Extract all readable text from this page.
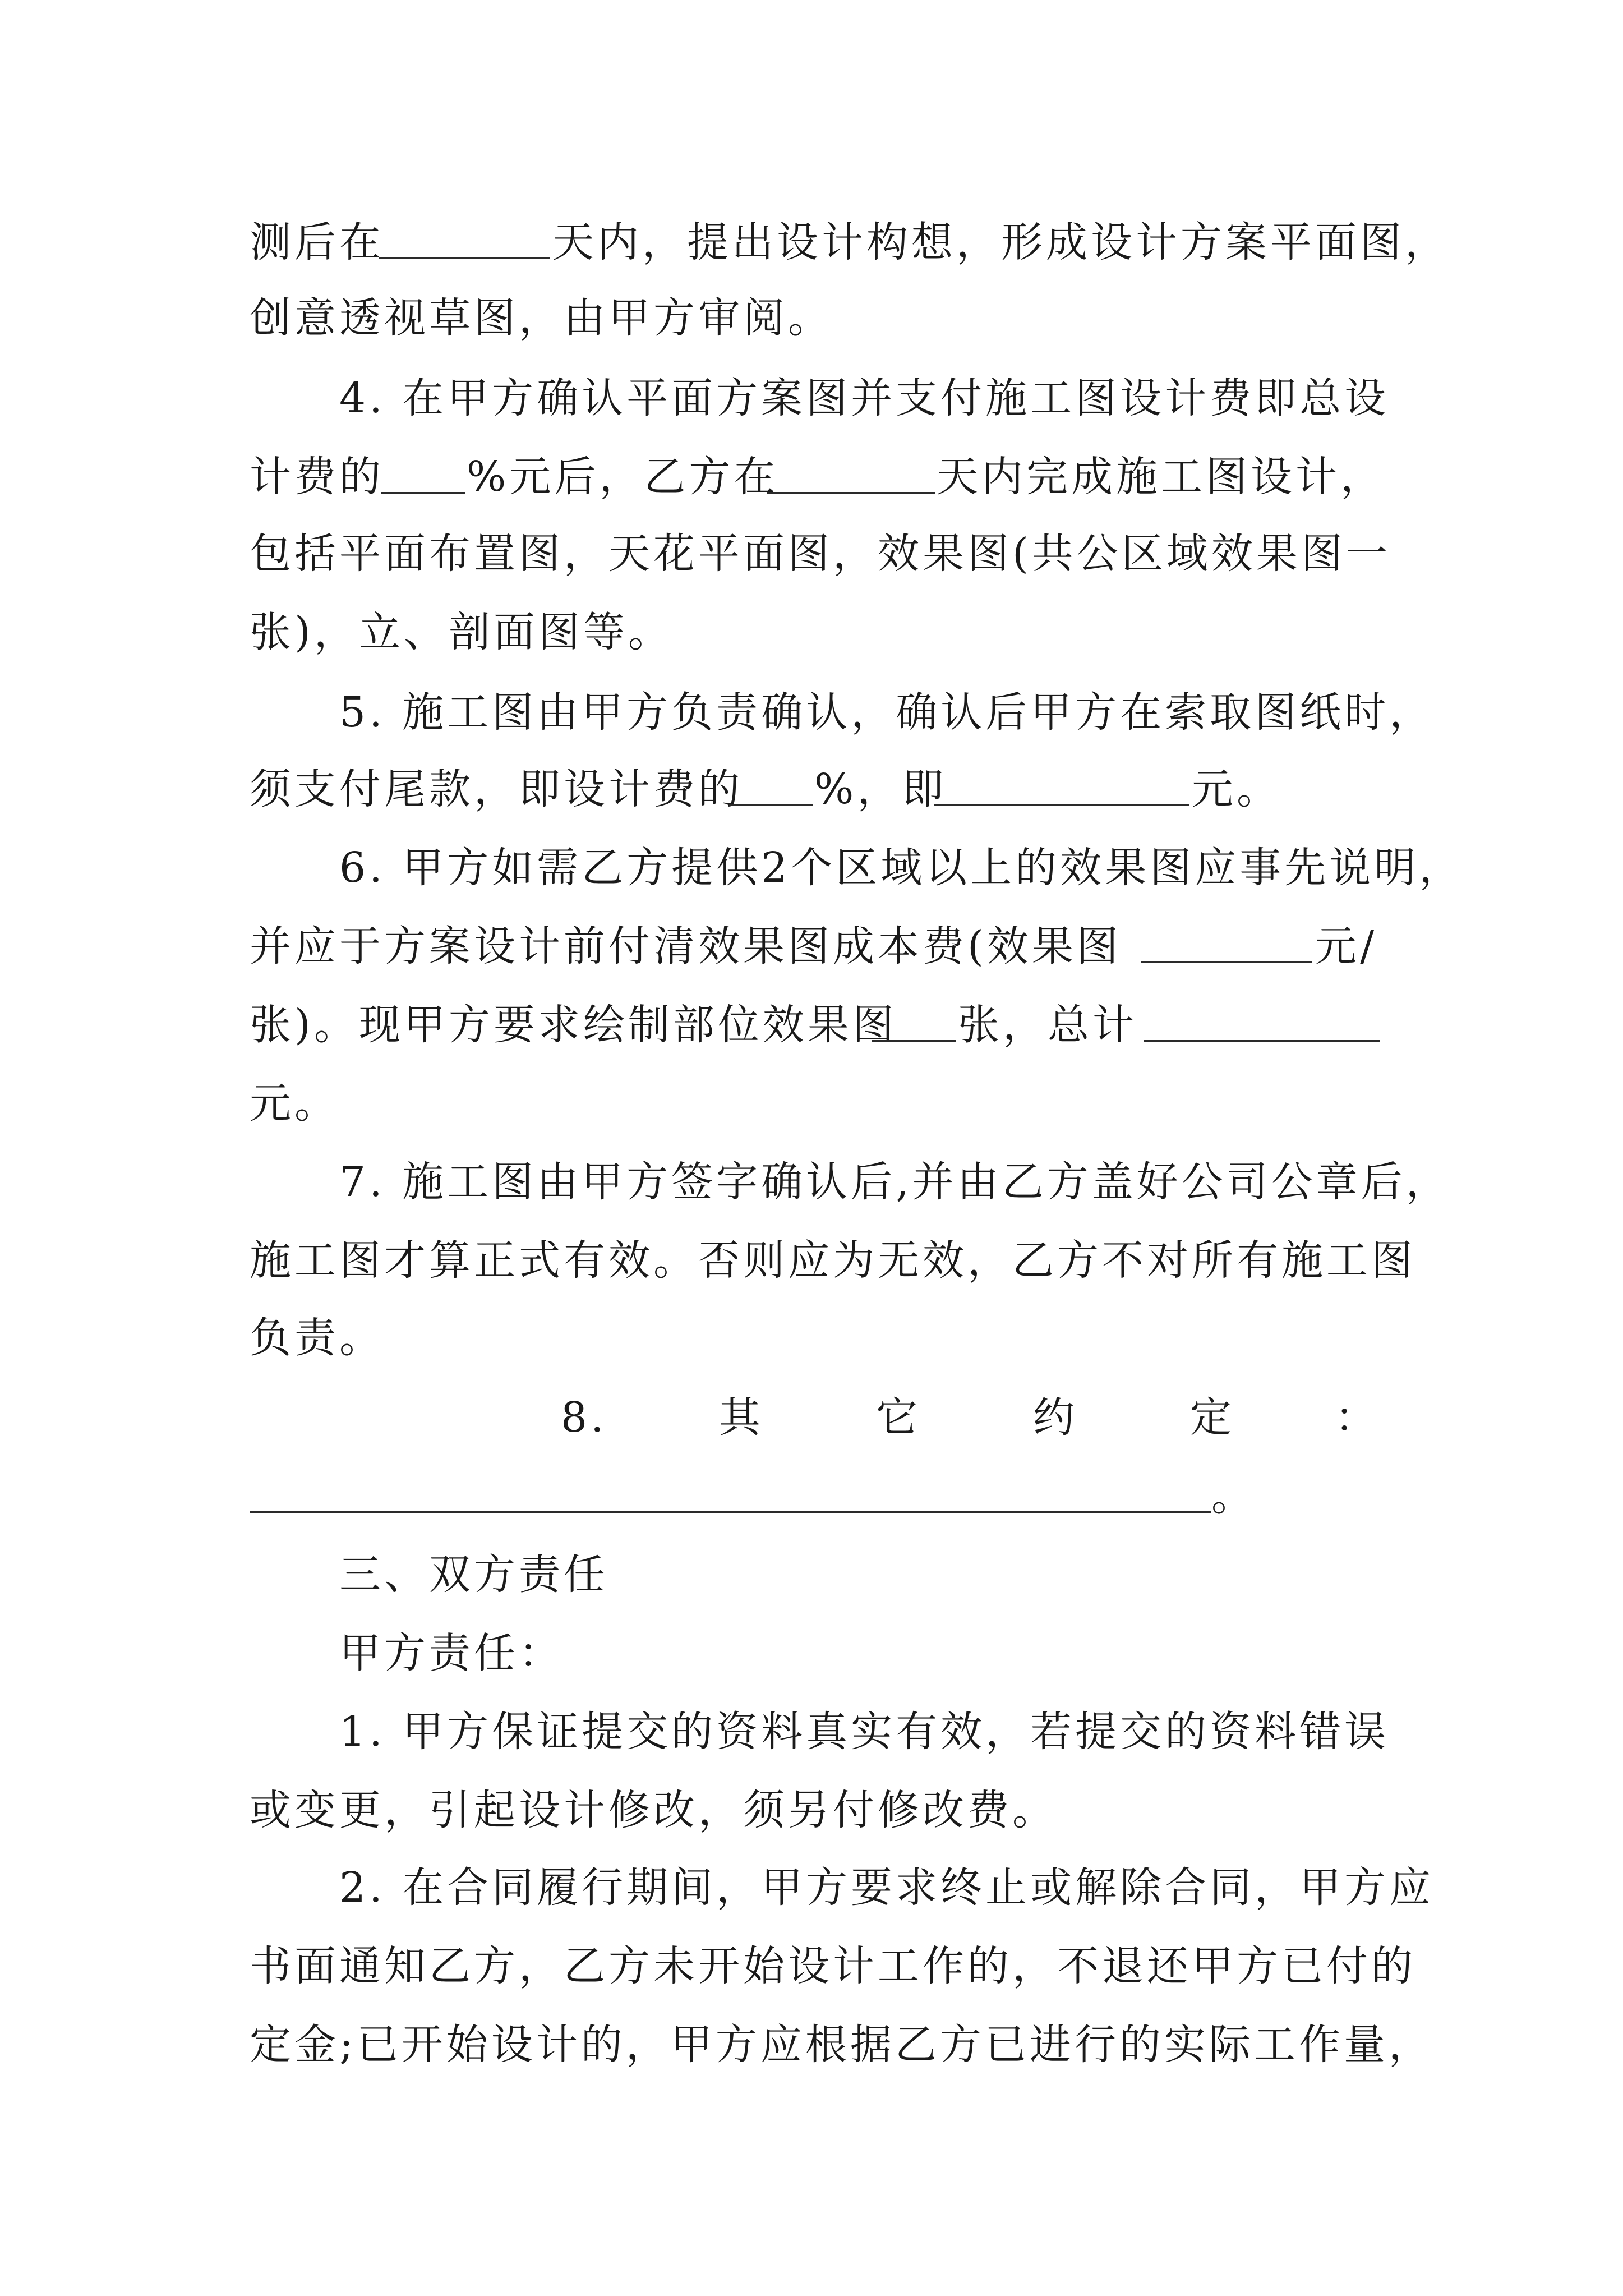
测后在	天内，提出设计构想，形成设计方案平面图，
创意透视草图，由甲方审阅。
4. 在甲方确认平面方案图并支付施工图设计费即总设
计费的 %元后，乙方在	天内完成施工图设计，
包括平面布置图，天花平面图，效果图(共公区域效果图一
张)，立、剖面图等。
5. 施工图由甲方负责确认，确认后甲方在索取图纸时，
须支付尾款，即设计费的 %，即	元。
6. 甲方如需乙方提供2个区域以上的效果图应事先说明，
并应于方案设计前付清效果图成本费(效果图	元/
张)。现甲方要求绘制部位效果图 张，总计
元。
7. 施工图由甲方签字确认后,并由乙方盖好公司公章后，
施工图才算正式有效。否则应为无效，乙方不对所有施工图
负责。
8.	其	它	约	定 ：
。
三、双方责任
甲方责任：
1. 甲方保证提交的资料真实有效，若提交的资料错误
或变更，引起设计修改，须另付修改费。
2. 在合同履行期间，甲方要求终止或解除合同，甲方应
书面通知乙方，乙方未开始设计工作的，不退还甲方已付的
定金;已开始设计的，甲方应根据乙方已进行的实际工作量，
